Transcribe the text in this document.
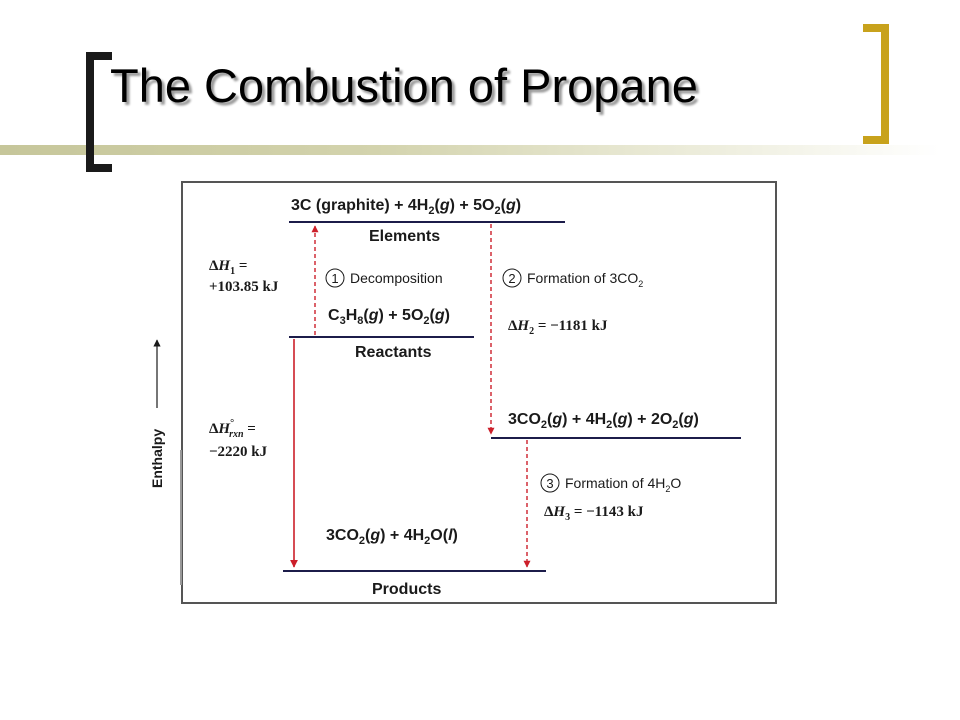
The Combustion of Propane
3C (graphite) + $4H_2(g) + 5O_2(g)$
Elements
$C_3H_8(g) + 5O_2(g)$
Reactants
$3CO_2(g) + 4H_2(g) + 2O_2(g)$
$3CO_2(g) + 4H_2O(l)$
Products
1 Decomposition	2 Formation of $3CO_2$
3 Formation of $4H_2O$
$\Delta H_1$ =
+103.85 kJ
$\Delta H_2 = -1181$ kJ
$\Delta H_3 = -1143$ kJ
ΔH° rxn =
−2220 kJ
Enthalpy
